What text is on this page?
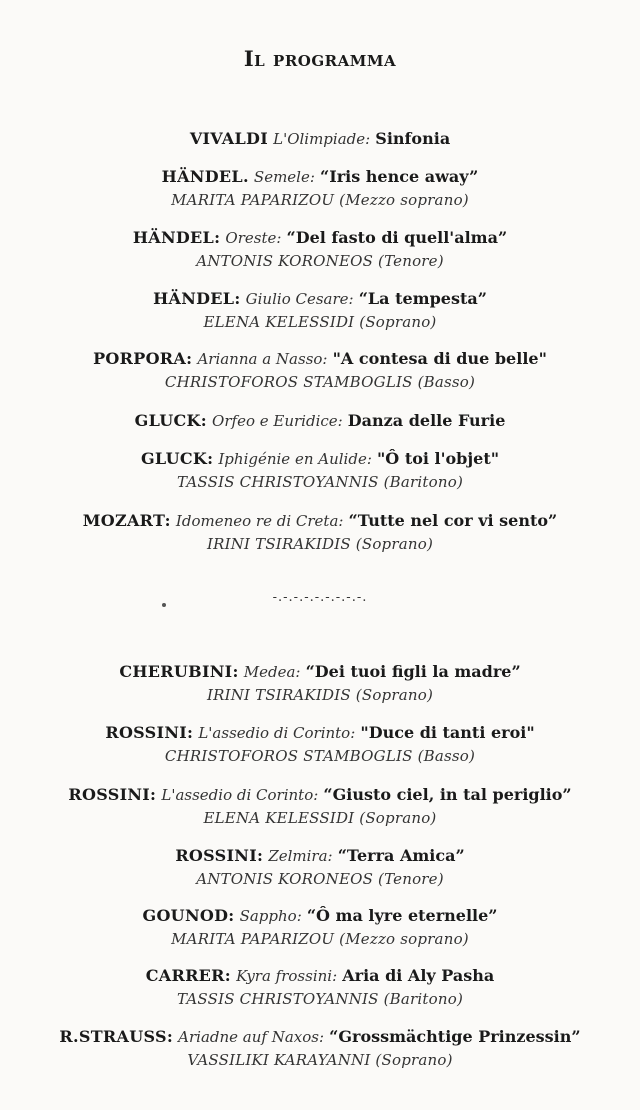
Il programma
VIVALDI L'Olimpiade: Sinfonia
HÄNDEL. Semele: “Iris hence away”
MARITA PAPARIZOU (Mezzo soprano)
HÄNDEL: Oreste: “Del fasto di quell'alma”
ANTONIS KORONEOS (Tenore)
HÄNDEL: Giulio Cesare: “La tempesta”
ELENA KELESSIDI (Soprano)
PORPORA: Arianna a Nasso: "A contesa di due belle"
CHRISTOFOROS STAMBOGLIS (Basso)
GLUCK: Orfeo e Euridice: Danza delle Furie
GLUCK: Iphigénie en Aulide: "Ô toi l'objet"
TASSIS CHRISTOYANNIS (Baritono)
MOZART: Idomeneo re di Creta: “Tutte nel cor vi sento”
IRINI TSIRAKIDIS (Soprano)
-.-.-.-.-.-.-.-.-.
CHERUBINI: Medea: “Dei tuoi figli la madre”
IRINI TSIRAKIDIS (Soprano)
ROSSINI: L'assedio di Corinto: "Duce di tanti eroi"
CHRISTOFOROS STAMBOGLIS (Basso)
ROSSINI: L'assedio di Corinto: “Giusto ciel, in tal periglio”
ELENA KELESSIDI (Soprano)
ROSSINI: Zelmira: “Terra Amica”
ANTONIS KORONEOS (Tenore)
GOUNOD: Sappho: “Ô ma lyre eternelle”
MARITA PAPARIZOU (Mezzo soprano)
CARRER: Kyra frossini: Aria di Aly Pasha
TASSIS CHRISTOYANNIS (Baritono)
R.STRAUSS: Ariadne auf Naxos: “Grossmächtige Prinzessin”
VASSILIKI KARAYANNI (Soprano)
